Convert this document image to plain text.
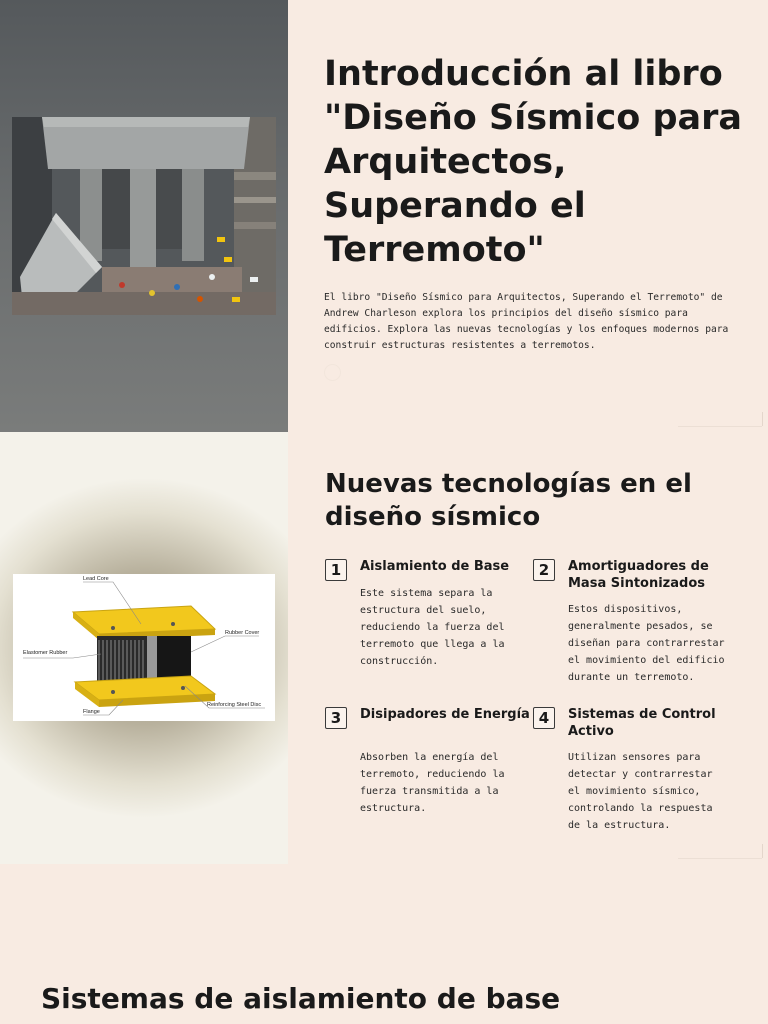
Introducción al libro "Diseño Sísmico para Arquitectos, Superando el Terremoto"

El libro "Diseño Sísmico para Arquitectos, Superando el Terremoto" de Andrew Charleson explora los principios del diseño sísmico para edificios. Explora las nuevas tecnologías y los enfoques modernos para construir estructuras resistentes a terremotos.

Lead Core
Rubber Cover
Elastomer Rubber
Flange
Reinforcing Steel Disc
Nuevas tecnologías en el diseño sísmico
1	Aislamiento de Base

Este sistema separa la estructura del suelo, reduciendo la fuerza del terremoto que llega a la construcción.

2	Amortiguadores de Masa Sintonizados

Estos dispositivos, generalmente pesados, se diseñan para contrarrestar el movimiento del edificio durante un terremoto.

3	Disipadores de Energía

Absorben la energía del terremoto, reduciendo la fuerza transmitida a la estructura.

4	Sistemas de Control Activo

Utilizan sensores para detectar y contrarrestar el movimiento sísmico, controlando la respuesta de la estructura.

Sistemas de aislamiento de base
